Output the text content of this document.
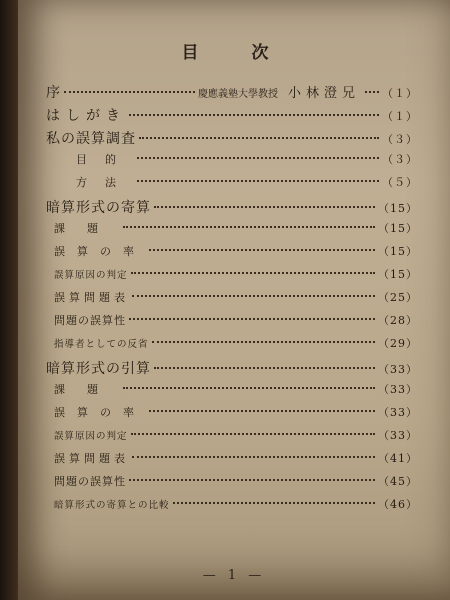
目　次
序	慶應義塾大學教授 小林澄兄 （１）
はしがき	（１）
私の誤算調査	（３）
目的	（３）
方法	（５）
暗算形式の寄算	（15）
課題	（15）
誤算の率	（15）
誤算原因の判定	（15）
誤算問題表	（25）
問題の誤算性	（28）
指導者としての反省	（29）
暗算形式の引算	（33）
課題	（33）
誤算の率	（33）
誤算原因の判定	（33）
誤算問題表	（41）
問題の誤算性	（45）
暗算形式の寄算との比較	（46）
— 1 —
